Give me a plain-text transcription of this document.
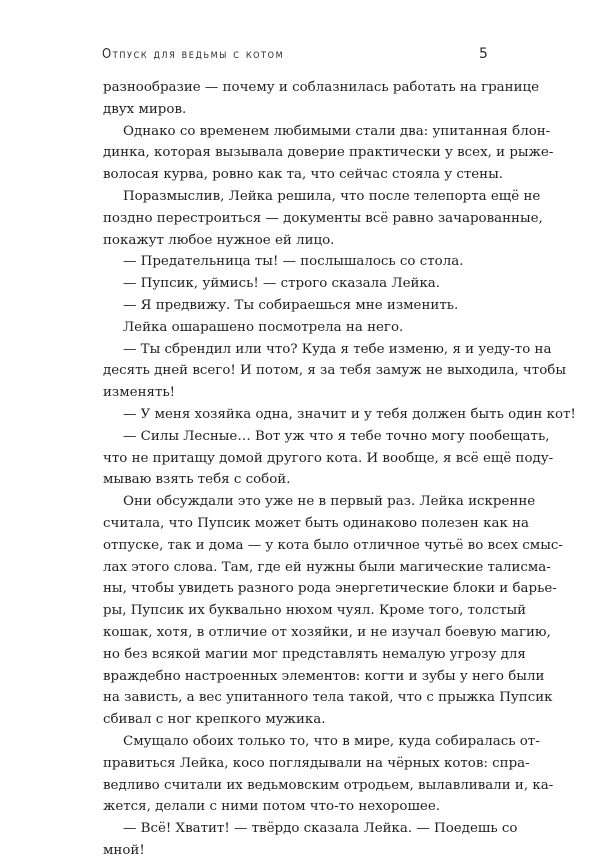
Отпуск для ведьмы с котом	5
разнообразие — почему и соблазнилась работать на границе
двух миров.
Однако со временем любимыми стали два: упитанная блон-
динка, которая вызывала доверие практически у всех, и рыже-
волосая курва, ровно как та, что сейчас стояла у стены.
Поразмыслив, Лейка решила, что после телепорта ещё не
поздно перестроиться — документы всё равно зачарованные,
покажут любое нужное ей лицо.
— Предательница ты! — послышалось со стола.
— Пупсик, уймись! — строго сказала Лейка.
— Я предвижу. Ты собираешься мне изменить.
Лейка ошарашено посмотрела на него.
— Ты сбрендил или что? Куда я тебе изменю, я и уеду-то на
десять дней всего! И потом, я за тебя замуж не выходила, чтобы
изменять!
— У меня хозяйка одна, значит и у тебя должен быть один кот!
— Силы Лесные… Вот уж что я тебе точно могу пообещать,
что не притащу домой другого кота. И вообще, я всё ещё поду-
мываю взять тебя с собой.
Они обсуждали это уже не в первый раз. Лейка искренне
считала, что Пупсик может быть одинаково полезен как на
отпуске, так и дома — у кота было отличное чутьё во всех смыс-
лах этого слова. Там, где ей нужны были магические талисма-
ны, чтобы увидеть разного рода энергетические блоки и барье-
ры, Пупсик их буквально нюхом чуял. Кроме того, толстый
кошак, хотя, в отличие от хозяйки, и не изучал боевую магию,
но без всякой магии мог представлять немалую угрозу для
враждебно настроенных элементов: когти и зубы у него были
на зависть, а вес упитанного тела такой, что с прыжка Пупсик
сбивал с ног крепкого мужика.
Смущало обоих только то, что в мире, куда собиралась от-
правиться Лейка, косо поглядывали на чёрных котов: спра-
ведливо считали их ведьмовским отродьем, вылавливали и, ка-
жется, делали с ними потом что-то нехорошее.
— Всё! Хватит! — твёрдо сказала Лейка. — Поедешь со
мной!
